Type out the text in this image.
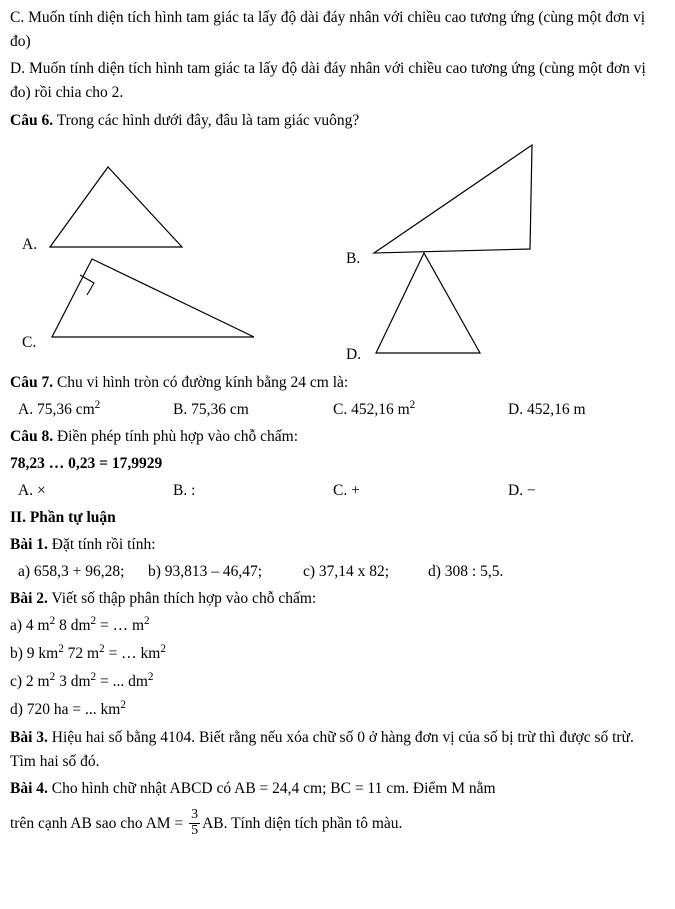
C. Muốn tính diện tích hình tam giác ta lấy độ dài đáy nhân với chiều cao tương ứng (cùng một đơn vị đo)

D. Muốn tính diện tích hình tam giác ta lấy độ dài đáy nhân với chiều cao tương ứng (cùng một đơn vị đo) rồi chia cho 2.

Câu 6. Trong các hình dưới đây, đâu là tam giác vuông?

A.
B.
C.
D.

Câu 7. Chu vi hình tròn có đường kính bằng 24 cm là:

A. 75,36 $cm^2$	B. 75,36 cm	C. 452,16 $m^2$	D. 452,16 m

Câu 8. Điền phép tính phù hợp vào chỗ chấm:

78,23 … 0,23 = 17,9929

A. ×	B. :	C. +	D. −

II. Phần tự luận

Bài 1. Đặt tính rồi tính:

a) 658,3 + 96,28;	b) 93,813 – 46,47;	c) 37,14 x 82;	d) 308 : 5,5.

Bài 2. Viết số thập phân thích hợp vào chỗ chấm:

a) 4 $m^2$ 8 $dm^2$ = … $m^2$

b) 9 $km^2$ 72 $m^2$ = … $km^2$

c) 2 $m^2$ 3 $dm^2$ = ... $dm^2$

d) 720 ha = ... $km^2$

Bài 3. Hiệu hai số bằng 4104. Biết rằng nếu xóa chữ số 0 ở hàng đơn vị của số bị trừ thì được số trừ. Tìm hai số đó.

Bài 4. Cho hình chữ nhật ABCD có AB = 24,4 cm; BC = 11 cm. Điểm M nằm

trên cạnh AB sao cho AM = $\frac{3}{5}$ AB. Tính diện tích phần tô màu.
